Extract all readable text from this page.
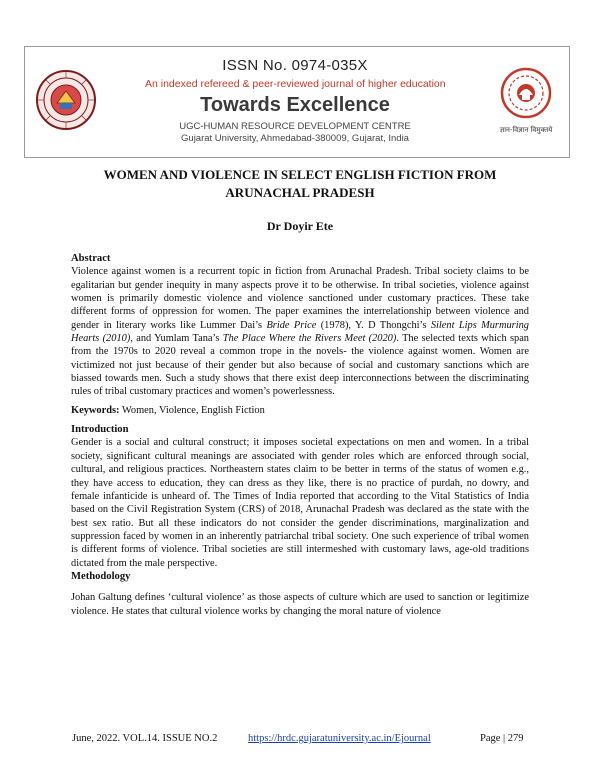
ISSN No. 0974-035X
An indexed refereed & peer-reviewed journal of higher education
Towards Excellence
UGC-HUMAN RESOURCE DEVELOPMENT CENTRE
Gujarat University, Ahmedabad-380009, Gujarat, India
ज्ञान-विज्ञान विमुक्तये
WOMEN AND VIOLENCE IN SELECT ENGLISH FICTION FROM
ARUNACHAL PRADESH
Dr Doyir Ete
Abstract

Violence against women is a recurrent topic in fiction from Arunachal Pradesh. Tribal society claims to be egalitarian but gender inequity in many aspects prove it to be otherwise. In tribal societies, violence against women is primarily domestic violence and violence sanctioned under customary practices. These take different forms of oppression for women. The paper examines the interrelationship between violence and gender in literary works like Lummer Dai’s Bride Price (1978), Y. D Thongchi’s Silent Lips Murmuring Hearts (2010), and Yumlam Tana’s The Place Where the Rivers Meet (2020). The selected texts which span from the 1970s to 2020 reveal a common trope in the novels- the violence against women. Women are victimized not just because of their gender but also because of social and customary sanctions which are biassed towards men. Such a study shows that there exist deep interconnections between the discriminating rules of tribal customary practices and women’s powerlessness.

Keywords: Women, Violence, English Fiction

Introduction

Gender is a social and cultural construct; it imposes societal expectations on men and women. In a tribal society, significant cultural meanings are associated with gender roles which are enforced through social, cultural, and religious practices. Northeastern states claim to be better in terms of the status of women e.g., they have access to education, they can dress as they like, there is no practice of purdah, no dowry, and female infanticide is unheard of. The Times of India reported that according to the Vital Statistics of India based on the Civil Registration System (CRS) of 2018, Arunachal Pradesh was declared as the state with the best sex ratio. But all these indicators do not consider the gender discriminations, marginalization and suppression faced by women in an inherently patriarchal tribal society. One such experience of tribal women is different forms of violence. Tribal societies are still intermeshed with customary laws, age-old traditions dictated from the male perspective.

Methodology

Johan Galtung defines ‘cultural violence’ as those aspects of culture which are used to sanction or legitimize violence. He states that cultural violence works by changing the moral nature of violence

June, 2022. VOL.14. ISSUE NO.2	https://hrdc.gujaratuniversity.ac.in/Ejournal	Page | 279
